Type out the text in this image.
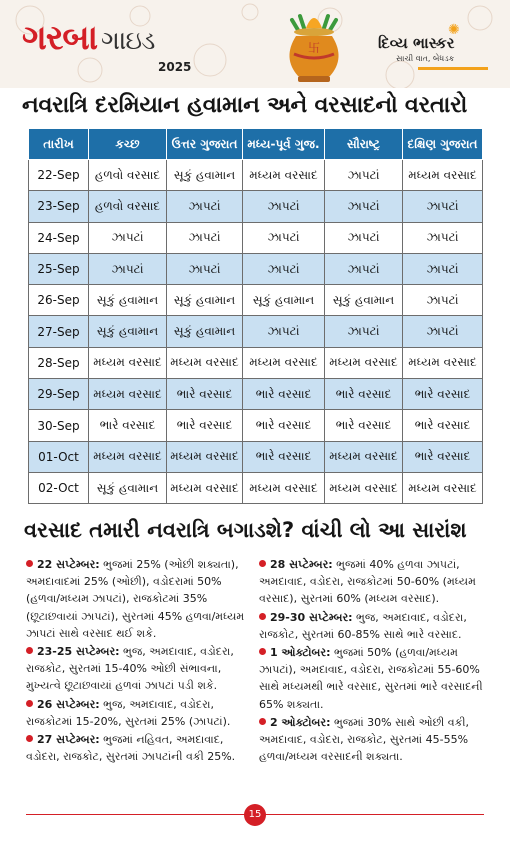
ગરબા ગાઇડ
2025
卐
✺
દિવ્ય ભાસ્કર
સાચી વાત, બેધડક
નવરાત્રિ દરમિયાન હવામાન અને વરસાદનો વરતારો
તારીખ	કચ્છ	ઉત્તર ગુજરાત	મધ્ય-પૂર્વ ગુજ.	સૌરાષ્ટ્ર	દક્ષિણ ગુજરાત
22-Sep	હળવો વરસાદ	સૂકું હવામાન	મધ્યમ વરસાદ	ઝાપટાં	મધ્યમ વરસાદ
23-Sep	હળવો વરસાદ	ઝાપટાં	ઝાપટાં	ઝાપટાં	ઝાપટાં
24-Sep	ઝાપટાં	ઝાપટાં	ઝાપટાં	ઝાપટાં	ઝાપટાં
25-Sep	ઝાપટાં	ઝાપટાં	ઝાપટાં	ઝાપટાં	ઝાપટાં
26-Sep	સૂકું હવામાન	સૂકું હવામાન	સૂકું હવામાન	સૂકું હવામાન	ઝાપટાં
27-Sep	સૂકું હવામાન	સૂકું હવામાન	ઝાપટાં	ઝાપટાં	ઝાપટાં
28-Sep	મધ્યમ વરસાદ	મધ્યમ વરસાદ	મધ્યમ વરસાદ	મધ્યમ વરસાદ	મધ્યમ વરસાદ
29-Sep	મધ્યમ વરસાદ	ભારે વરસાદ	ભારે વરસાદ	ભારે વરસાદ	ભારે વરસાદ
30-Sep	ભારે વરસાદ	ભારે વરસાદ	ભારે વરસાદ	ભારે વરસાદ	ભારે વરસાદ
01-Oct	મધ્યમ વરસાદ	મધ્યમ વરસાદ	ભારે વરસાદ	મધ્યમ વરસાદ	ભારે વરસાદ
02-Oct	સૂકું હવામાન	મધ્યમ વરસાદ	મધ્યમ વરસાદ	મધ્યમ વરસાદ	મધ્યમ વરસાદ
વરસાદ તમારી નવરાત્રિ બગાડશે? વાંચી લો આ સારાંશ
22 સપ્ટેમ્બર: ભુજમાં 25% (ઓછી શક્યતા), અમદાવાદમાં 25% (ઓછી), વડોદરામાં 50% (હળવા/મધ્યમ ઝાપટાં), રાજકોટમાં 35% (છૂટાછવાયાં ઝાપટાં), સુરતમાં 45% હળવા/મધ્યમ ઝાપટાં સાથે વરસાદ થઈ શકે.
23-25 સપ્ટેમ્બર: ભુજ, અમદાવાદ, વડોદરા, રાજકોટ, સુરતમાં 15-40% ઓછી સંભાવના, મુખ્યત્વે છૂટાછવાયાં હળવાં ઝાપટાં પડી શકે.
26 સપ્ટેમ્બર: ભુજ, અમદાવાદ, વડોદરા, રાજકોટમાં 15-20%, સુરતમાં 25% (ઝાપટાં).
27 સપ્ટેમ્બર: ભુજમાં નહિવત, અમદાવાદ, વડોદરા, રાજકોટ, સુરતમાં ઝાપટાંની વકી 25%.
28 સપ્ટેમ્બર: ભુજમાં 40% હળવા ઝાપટાં, અમદાવાદ, વડોદરા, રાજકોટમાં 50-60% (મધ્યમ વરસાદ), સુરતમાં 60% (મધ્યમ વરસાદ).
29-30 સપ્ટેમ્બર: ભુજ, અમદાવાદ, વડોદરા, રાજકોટ, સુરતમાં 60-85% સાથે ભારે વરસાદ.
1 ઓક્ટોબર: ભુજમાં 50% (હળવા/મધ્યમ ઝાપટાં), અમદાવાદ, વડોદરા, રાજકોટમાં 55-60% સાથે મધ્યમથી ભારે વરસાદ, સુરતમાં ભારે વરસાદની 65% શક્યતા.
2 ઓક્ટોબર: ભુજમાં 30% સાથે ઓછી વકી, અમદાવાદ, વડોદરા, રાજકોટ, સુરતમાં 45-55% હળવા/મધ્યમ વરસાદની શક્યતા.
15
